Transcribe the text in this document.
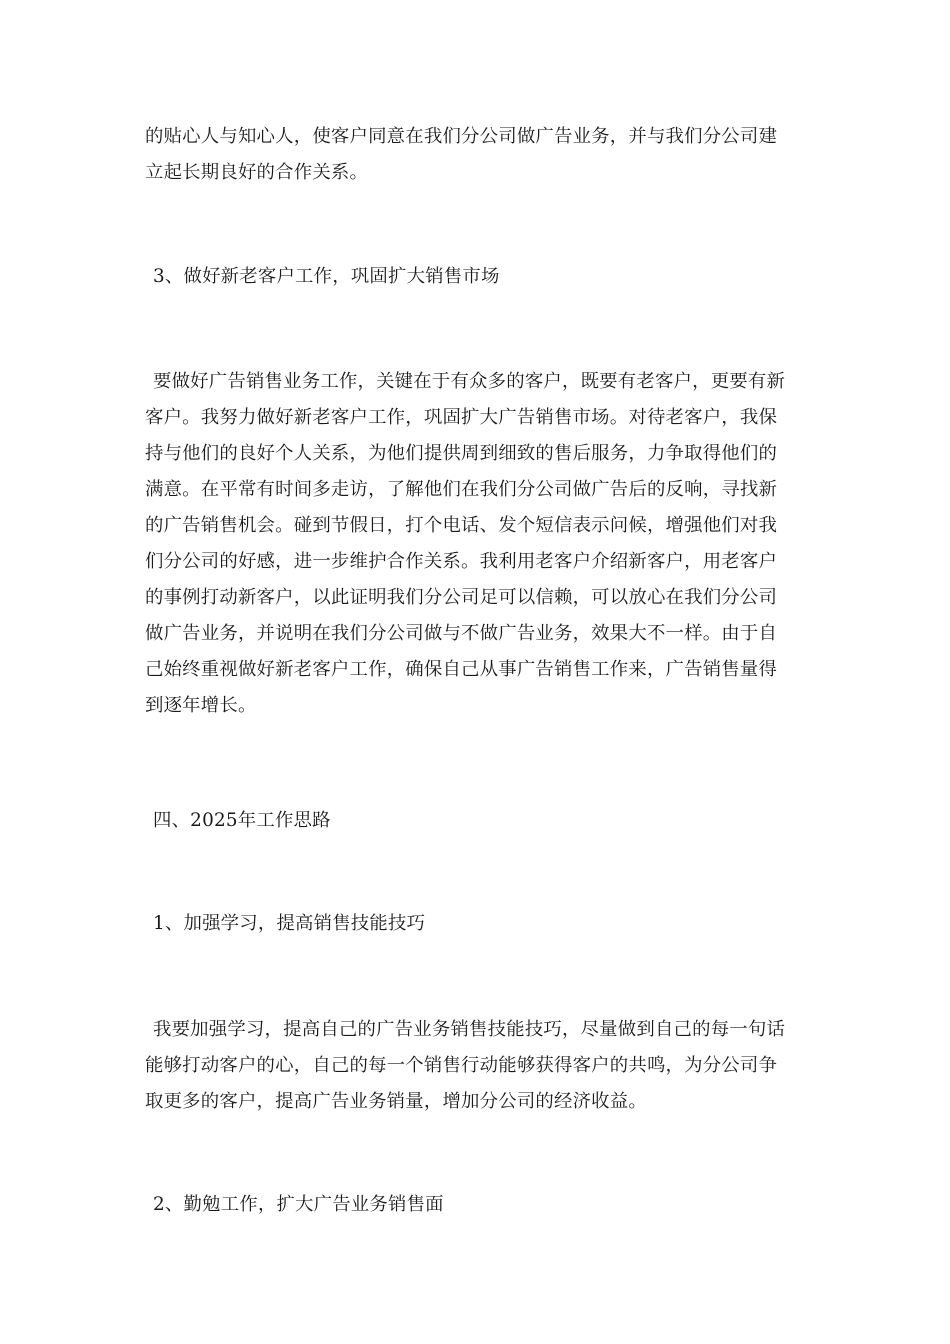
的贴心人与知心人，使客户同意在我们分公司做广告业务，并与我们分公司建
立起长期良好的合作关系。
3、做好新老客户工作，巩固扩大销售市场
要做好广告销售业务工作，关键在于有众多的客户，既要有老客户，更要有新
客户。我努力做好新老客户工作，巩固扩大广告销售市场。对待老客户，我保
持与他们的良好个人关系，为他们提供周到细致的售后服务，力争取得他们的
满意。在平常有时间多走访，了解他们在我们分公司做广告后的反响，寻找新
的广告销售机会。碰到节假日，打个电话、发个短信表示问候，增强他们对我
们分公司的好感，进一步维护合作关系。我利用老客户介绍新客户，用老客户
的事例打动新客户，以此证明我们分公司足可以信赖，可以放心在我们分公司
做广告业务，并说明在我们分公司做与不做广告业务，效果大不一样。由于自
己始终重视做好新老客户工作，确保自己从事广告销售工作来，广告销售量得
到逐年增长。
四、2025年工作思路
1、加强学习，提高销售技能技巧
我要加强学习，提高自己的广告业务销售技能技巧，尽量做到自己的每一句话
能够打动客户的心，自己的每一个销售行动能够获得客户的共鸣，为分公司争
取更多的客户，提高广告业务销量，增加分公司的经济收益。
2、勤勉工作，扩大广告业务销售面
